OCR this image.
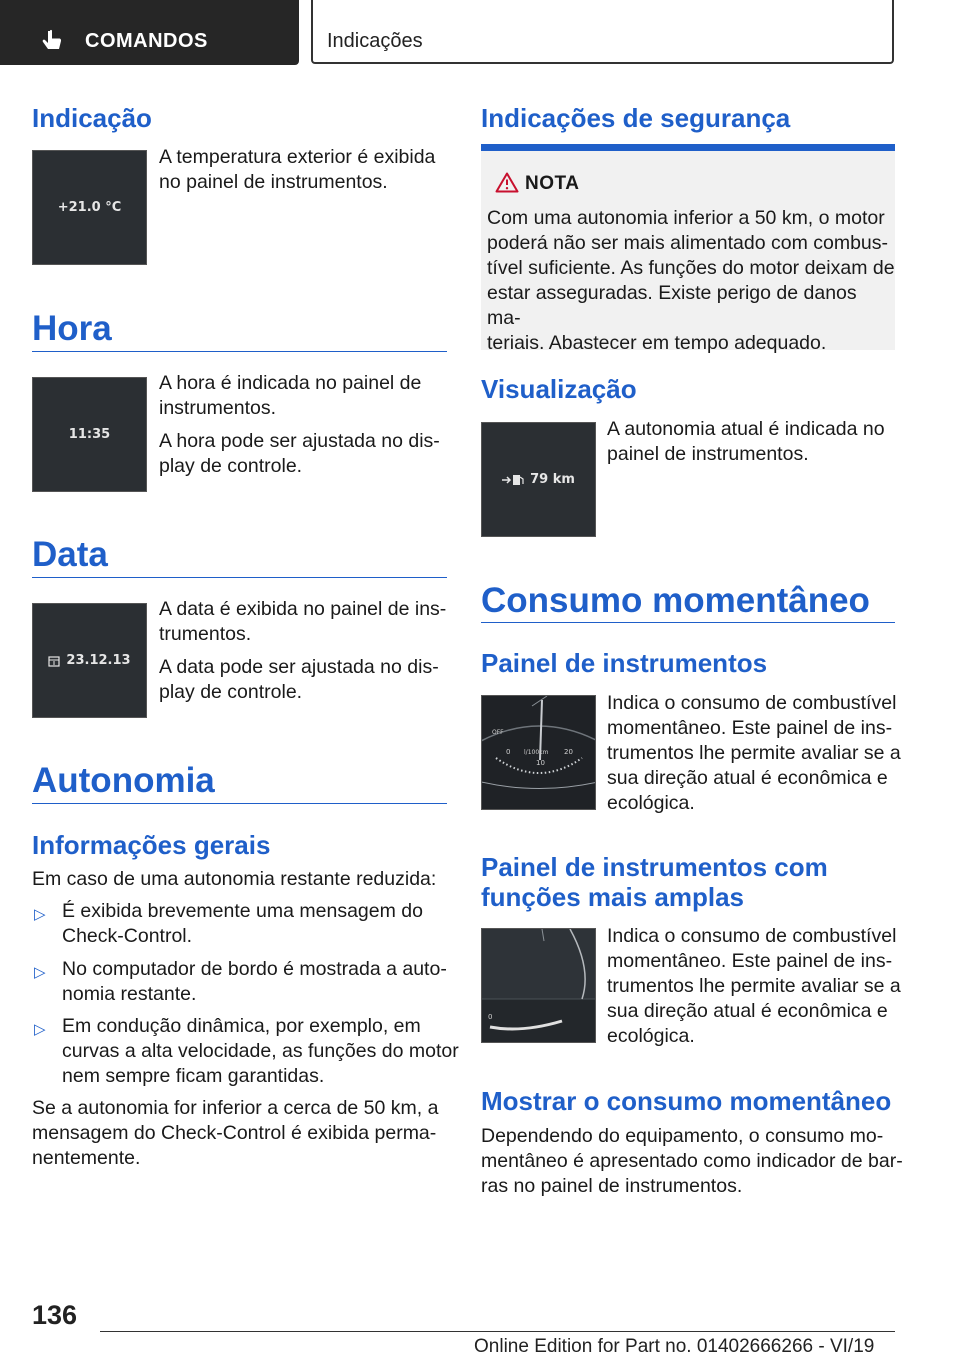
COMANDOS	Indicações
Indicação
+21.0 °C

A temperatura exterior é exibida

no painel de instrumentos.

Hora
11:35

A hora é indicada no painel de

instrumentos.

A hora pode ser ajustada no dis-

play de controle.

Data
23.12.13

A data é exibida no painel de ins-

trumentos.

A data pode ser ajustada no dis-

play de controle.

Autonomia
Informações gerais

Em caso de uma autonomia restante reduzida:

▷ É exibida brevemente uma mensagem do

Check-Control.

▷ No computador de bordo é mostrada a auto-

nomia restante.

▷ Em condução dinâmica, por exemplo, em

curvas a alta velocidade, as funções do motor

nem sempre ficam garantidas.

Se a autonomia for inferior a cerca de 50 km, a

mensagem do Check-Control é exibida perma-

nentemente.

Indicações de segurança
NOTA

Com uma autonomia inferior a 50 km, o motor

poderá não ser mais alimentado com combus-

tível suficiente. As funções do motor deixam de

estar asseguradas. Existe perigo de danos ma-

teriais. Abastecer em tempo adequado.

Visualização
79 km

A autonomia atual é indicada no

painel de instrumentos.

Consumo momentâneo
Painel de instrumentos
OFF
0 l/100km
10
20

Indica o consumo de combustível

momentâneo. Este painel de ins-

trumentos lhe permite avaliar se a

sua direção atual é econômica e

ecológica.

Painel de instrumentos com
funções mais amplas
0

Indica o consumo de combustível

momentâneo. Este painel de ins-

trumentos lhe permite avaliar se a

sua direção atual é econômica e

ecológica.

Mostrar o consumo momentâneo

Dependendo do equipamento, o consumo mo-

mentâneo é apresentado como indicador de bar-

ras no painel de instrumentos.

136
Online Edition for Part no. 01402666266 - VI/19
